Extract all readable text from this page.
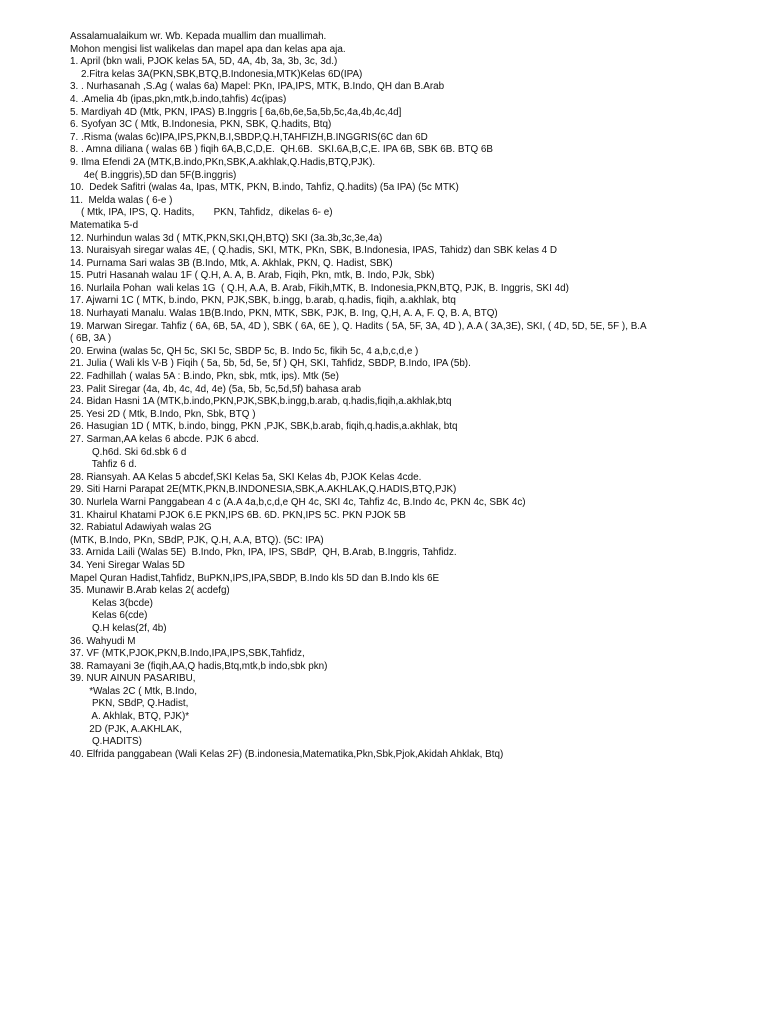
Assalamualaikum wr. Wb. Kepada muallim dan muallimah.
Mohon mengisi list walikelas dan mapel apa dan kelas apa aja.
1. April (bkn wali, PJOK kelas 5A, 5D, 4A, 4b, 3a, 3b, 3c, 3d.)
2.Fitra kelas 3A(PKN,SBK,BTQ,B.Indonesia,MTK)Kelas 6D(IPA)
3. . Nurhasanah ,S.Ag ( walas 6a) Mapel: PKn, IPA,IPS, MTK, B.Indo, QH dan B.Arab
4. .Amelia 4b (ipas,pkn,mtk,b.indo,tahfis) 4c(ipas)
5. Mardiyah 4D (Mtk, PKN, IPAS) B.Inggris [ 6a,6b,6e,5a,5b,5c,4a,4b,4c,4d]
6. Syofyan 3C ( Mtk, B.Indonesia, PKN, SBK, Q.hadits, Btq)
7. .Risma (walas 6c)IPA,IPS,PKN,B.I,SBDP,Q.H,TAHFIZH,B.INGGRIS(6C dan 6D
8. . Amna diliana ( walas 6B ) fiqih 6A,B,C,D,E.  QH.6B.  SKI.6A,B,C,E. IPA 6B, SBK 6B. BTQ 6B
9. Ilma Efendi 2A (MTK,B.indo,PKn,SBK,A.akhlak,Q.Hadis,BTQ,PJK).
4e( B.inggris),5D dan 5F(B.inggris)
10.  Dedek Safitri (walas 4a, Ipas, MTK, PKN, B.indo, Tahfiz, Q.hadits) (5a IPA) (5c MTK)
11.  Melda walas ( 6-e )
( Mtk, IPA, IPS, Q. Hadits,       PKN, Tahfidz,  dikelas 6- e)
Matematika 5-d
12. Nurhindun walas 3d ( MTK,PKN,SKI,QH,BTQ) SKI (3a.3b,3c,3e,4a)
13. Nuraisyah siregar walas 4E, ( Q.hadis, SKI, MTK, PKn, SBK, B.Indonesia, IPAS, Tahidz) dan SBK kelas 4 D
14. Purnama Sari walas 3B (B.Indo, Mtk, A. Akhlak, PKN, Q. Hadist, SBK)
15. Putri Hasanah walau 1F ( Q.H, A. A, B. Arab, Fiqih, Pkn, mtk, B. Indo, PJk, Sbk)
16. Nurlaila Pohan  wali kelas 1G  ( Q.H, A.A, B. Arab, Fikih,MTK, B. Indonesia,PKN,BTQ, PJK, B. Inggris, SKI 4d)
17. Ajwarni 1C ( MTK, b.indo, PKN, PJK,SBK, b.ingg, b.arab, q.hadis, fiqih, a.akhlak, btq
18. Nurhayati Manalu. Walas 1B(B.Indo, PKN, MTK, SBK, PJK, B. Ing, Q,H, A. A, F. Q, B. A, BTQ)
19. Marwan Siregar. Tahfiz ( 6A, 6B, 5A, 4D ), SBK ( 6A, 6E ), Q. Hadits ( 5A, 5F, 3A, 4D ), A.A ( 3A,3E), SKI, ( 4D, 5D, 5E, 5F ), B.A
( 6B, 3A )
20. Erwina (walas 5c, QH 5c, SKI 5c, SBDP 5c, B. Indo 5c, fikih 5c, 4 a,b,c,d,e )
21. Julia ( Wali kls V-B ) Fiqih ( 5a, 5b, 5d, 5e, 5f ) QH, SKI, Tahfidz, SBDP, B.Indo, IPA (5b).
22. Fadhillah ( walas 5A : B.indo, Pkn, sbk, mtk, ips). Mtk (5e)
23. Palit Siregar (4a, 4b, 4c, 4d, 4e) (5a, 5b, 5c,5d,5f) bahasa arab
24. Bidan Hasni 1A (MTK,b.indo,PKN,PJK,SBK,b.ingg,b.arab, q.hadis,fiqih,a.akhlak,btq
25. Yesi 2D ( Mtk, B.Indo, Pkn, Sbk, BTQ )
26. Hasugian 1D ( MTK, b.indo, bingg, PKN ,PJK, SBK,b.arab, fiqih,q.hadis,a.akhlak, btq
27. Sarman,AA kelas 6 abcde. PJK 6 abcd.
Q.h6d. Ski 6d.sbk 6 d
Tahfiz 6 d.
28. Riansyah. AA Kelas 5 abcdef,SKI Kelas 5a, SKI Kelas 4b, PJOK Kelas 4cde.
29. Siti Harni Parapat 2E(MTK,PKN,B.INDONESIA,SBK,A.AKHLAK,Q.HADIS,BTQ,PJK)
30. Nurlela Warni Panggabean 4 c (A.A 4a,b,c,d,e QH 4c, SKI 4c, Tahfiz 4c, B.Indo 4c, PKN 4c, SBK 4c)
31. Khairul Khatami PJOK 6.E PKN,IPS 6B. 6D. PKN,IPS 5C. PKN PJOK 5B
32. Rabiatul Adawiyah walas 2G
(MTK, B.Indo, PKn, SBdP, PJK, Q.H, A.A, BTQ). (5C: IPA)
33. Arnida Laili (Walas 5E)  B.Indo, Pkn, IPA, IPS, SBdP,  QH, B.Arab, B.Inggris, Tahfidz.
34. Yeni Siregar Walas 5D
Mapel Quran Hadist,Tahfidz, BuPKN,IPS,IPA,SBDP, B.Indo kls 5D dan B.Indo kls 6E
35. Munawir B.Arab kelas 2( acdefg)
Kelas 3(bcde)
Kelas 6(cde)
Q.H kelas(2f, 4b)
36. Wahyudi M
37. VF (MTK,PJOK,PKN,B.Indo,IPA,IPS,SBK,Tahfidz,
38. Ramayani 3e (fiqih,AA,Q hadis,Btq,mtk,b indo,sbk pkn)
39. NUR AINUN PASARIBU,
*Walas 2C ( Mtk, B.Indo,
PKN, SBdP, Q.Hadist,
A. Akhlak, BTQ, PJK)*
2D (PJK, A.AKHLAK,
Q.HADITS)
40. Elfrida panggabean (Wali Kelas 2F) (B.indonesia,Matematika,Pkn,Sbk,Pjok,Akidah Ahklak, Btq)
